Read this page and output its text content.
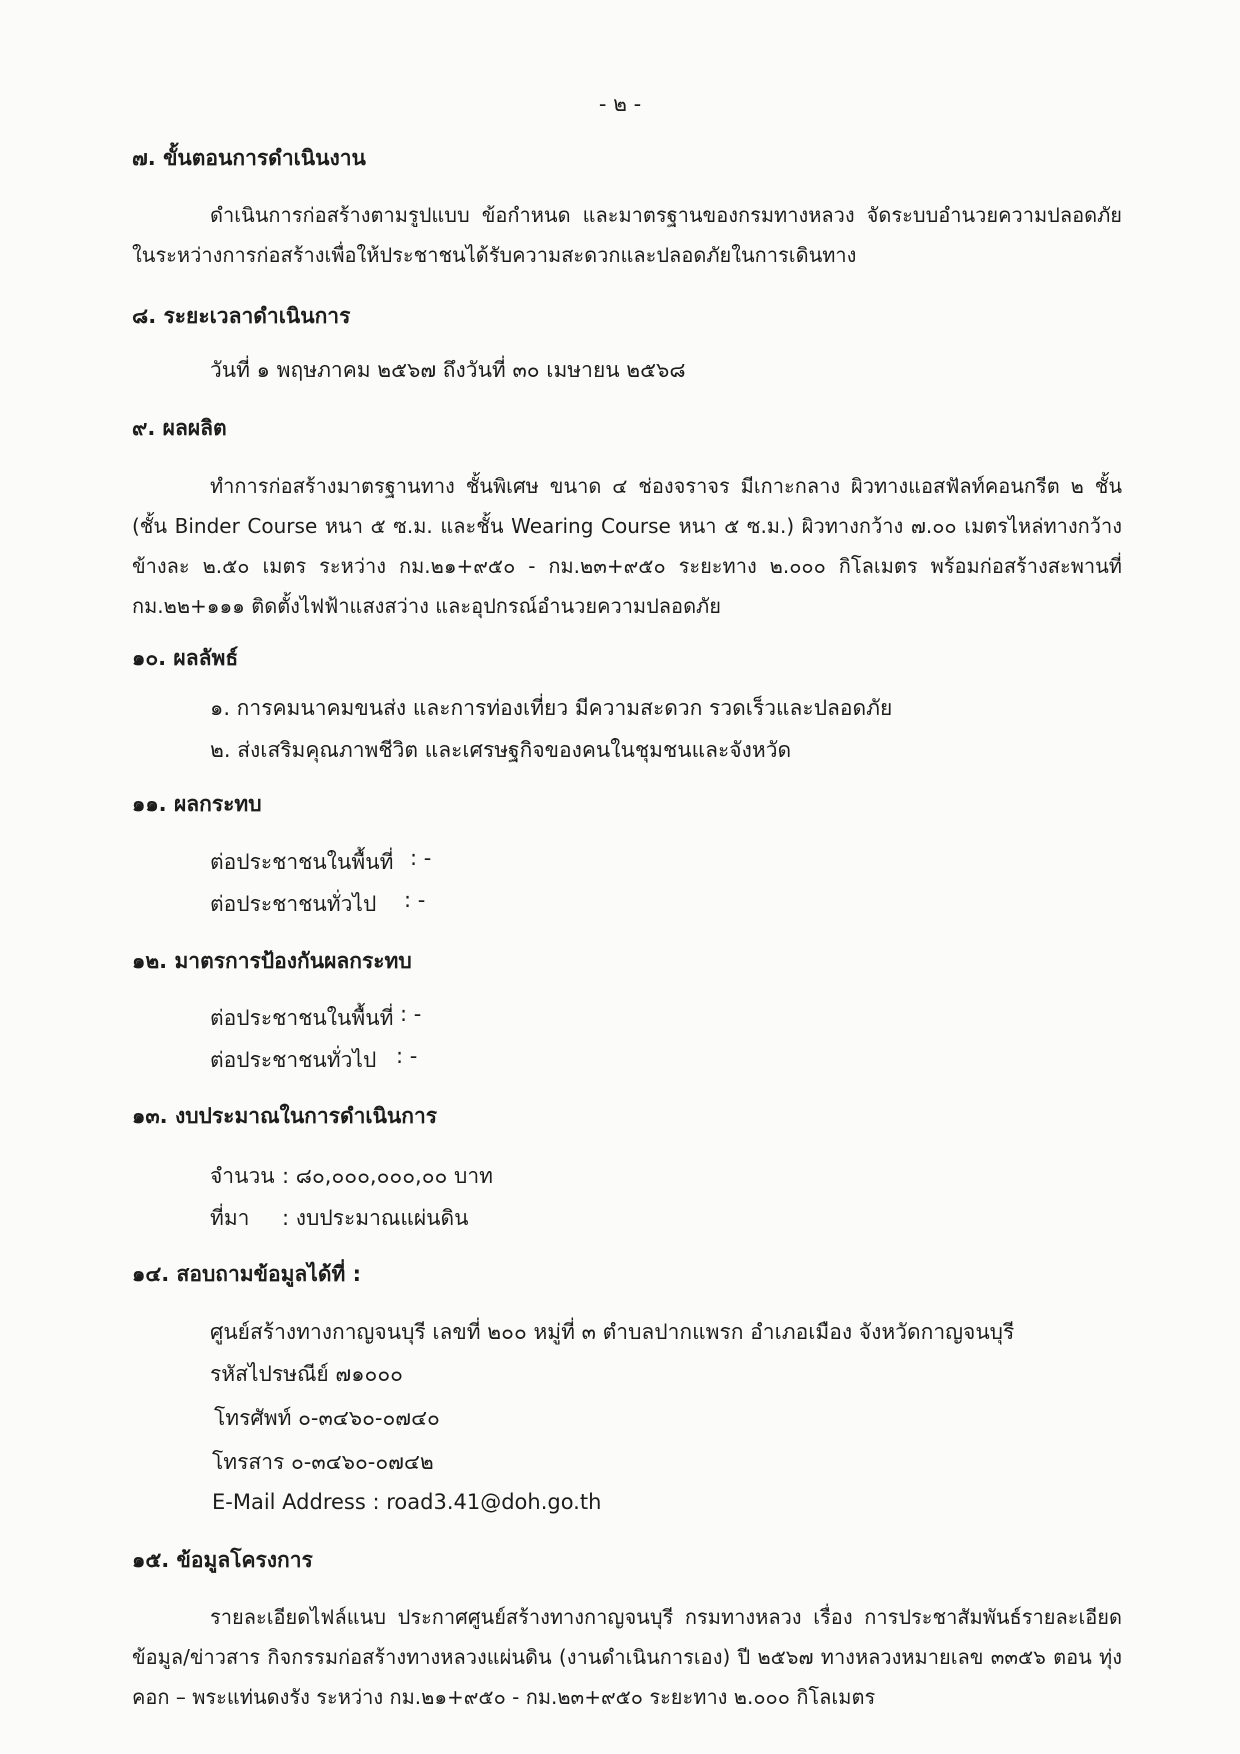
- ๒ -
๗. ขั้นตอนการดำเนินงาน
ดำเนินการก่อสร้างตามรูปแบบ ข้อกำหนด และมาตรฐานของกรมทางหลวง จัดระบบอำนวยความปลอดภัยในระหว่างการก่อสร้างเพื่อให้ประชาชนได้รับความสะดวกและปลอดภัยในการเดินทาง
๘. ระยะเวลาดำเนินการ
วันที่ ๑ พฤษภาคม ๒๕๖๗ ถึงวันที่ ๓๐ เมษายน ๒๕๖๘
๙. ผลผลิต
ทำการก่อสร้างมาตรฐานทาง ชั้นพิเศษ ขนาด ๔ ช่องจราจร มีเกาะกลาง ผิวทางแอสฟัลท์คอนกรีต ๒ ชั้น (ชั้น Binder Course หนา ๕ ซ.ม. และชั้น Wearing Course หนา ๕ ซ.ม.) ผิวทางกว้าง ๗.๐๐ เมตรไหล่ทางกว้างข้างละ ๒.๕๐ เมตร ระหว่าง กม.๒๑+๙๕๐ - กม.๒๓+๙๕๐ ระยะทาง ๒.๐๐๐ กิโลเมตร พร้อมก่อสร้างสะพานที่ กม.๒๒+๑๑๑ ติดตั้งไฟฟ้าแสงสว่าง และอุปกรณ์อำนวยความปลอดภัย
๑๐. ผลลัพธ์
๑. การคมนาคมขนส่ง และการท่องเที่ยว มีความสะดวก รวดเร็วและปลอดภัย
๒. ส่งเสริมคุณภาพชีวิต และเศรษฐกิจของคนในชุมชนและจังหวัด
๑๑. ผลกระทบ
ต่อประชาชนในพื้นที่ : -
ต่อประชาชนทั่วไป : -
๑๒. มาตรการป้องกันผลกระทบ
ต่อประชาชนในพื้นที่ : -
ต่อประชาชนทั่วไป : -
๑๓. งบประมาณในการดำเนินการ
จำนวน : ๘๐,๐๐๐,๐๐๐,๐๐ บาท
ที่มา : งบประมาณแผ่นดิน
๑๔. สอบถามข้อมูลได้ที่ :
ศูนย์สร้างทางกาญจนบุรี เลขที่ ๒๐๐ หมู่ที่ ๓ ตำบลปากแพรก อำเภอเมือง จังหวัดกาญจนบุรี
รหัสไปรษณีย์ ๗๑๐๐๐
โทรศัพท์ ๐-๓๔๖๐-๐๗๔๐
โทรสาร ๐-๓๔๖๐-๐๗๔๒
E-Mail Address : road3.41@doh.go.th
๑๕. ข้อมูลโครงการ
รายละเอียดไฟล์แนบ ประกาศศูนย์สร้างทางกาญจนบุรี กรมทางหลวง เรื่อง การประชาสัมพันธ์รายละเอียดข้อมูล/ข่าวสาร กิจกรรมก่อสร้างทางหลวงแผ่นดิน (งานดำเนินการเอง) ปี ๒๕๖๗ ทางหลวงหมายเลข ๓๓๕๖ ตอน ทุ่งคอก – พระแท่นดงรัง ระหว่าง กม.๒๑+๙๕๐ - กม.๒๓+๙๕๐ ระยะทาง ๒.๐๐๐ กิโลเมตร
